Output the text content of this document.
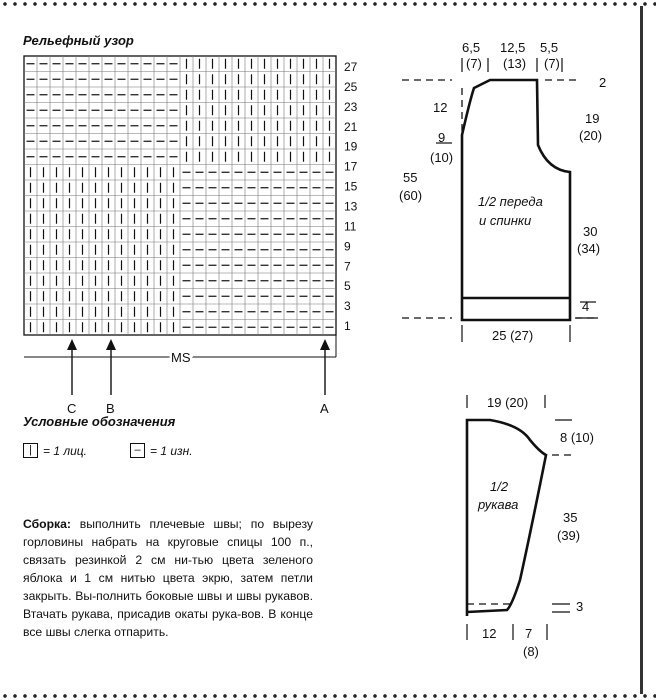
Рельефный узор
27
25
23
21
19
17
15
13
11
9
7
5
3
1
MS
C B	A
Условные обозначения
| = 1 лиц.	– = 1 изн.
Сборка: выполнить плечевые швы; по вырезу горловины набрать на круговые спицы 100 п., связать резинкой 2 см ни-тью цвета зеленого яблока и 1 см нитью цвета экрю, затем петли закрыть. Вы-полнить боковые швы и швы рукавов. Втачать рукава, присадив окаты рука-вов. В конце все швы слегка отпарить.
6,5
(7)
12,5
(13)
5,5
(7)
2
12
9
(10)
55
(60)
19
(20)
30
(34)
4
25 (27)
1/2 переда
и спинки
19 (20)
8 (10)
35
(39)
3
12 7
(8)
1/2
рукава
